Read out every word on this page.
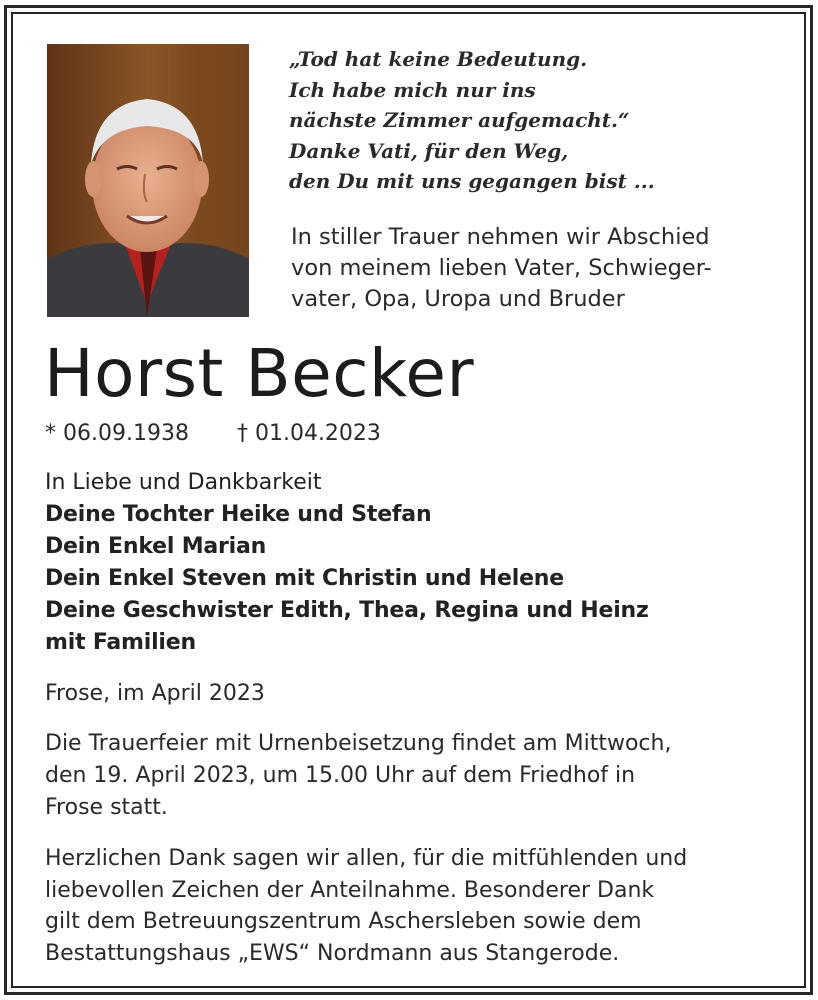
„Tod hat keine Bedeutung.
Ich habe mich nur ins
nächste Zimmer aufgemacht.“
Danke Vati, für den Weg,
den Du mit uns gegangen bist ...
In stiller Trauer nehmen wir Abschied
von meinem lieben Vater, Schwieger-
vater, Opa, Uropa und Bruder
Horst Becker
* 06.09.1938 † 01.04.2023
In Liebe und Dankbarkeit
Deine Tochter Heike und Stefan
Dein Enkel Marian
Dein Enkel Steven mit Christin und Helene
Deine Geschwister Edith, Thea, Regina und Heinz
mit Familien
Frose, im April 2023
Die Trauerfeier mit Urnenbeisetzung findet am Mittwoch,
den 19. April 2023, um 15.00 Uhr auf dem Friedhof in
Frose statt.
Herzlichen Dank sagen wir allen, für die mitfühlenden und
liebevollen Zeichen der Anteilnahme. Besonderer Dank
gilt dem Betreuungszentrum Aschersleben sowie dem
Bestattungshaus „EWS“ Nordmann aus Stangerode.
